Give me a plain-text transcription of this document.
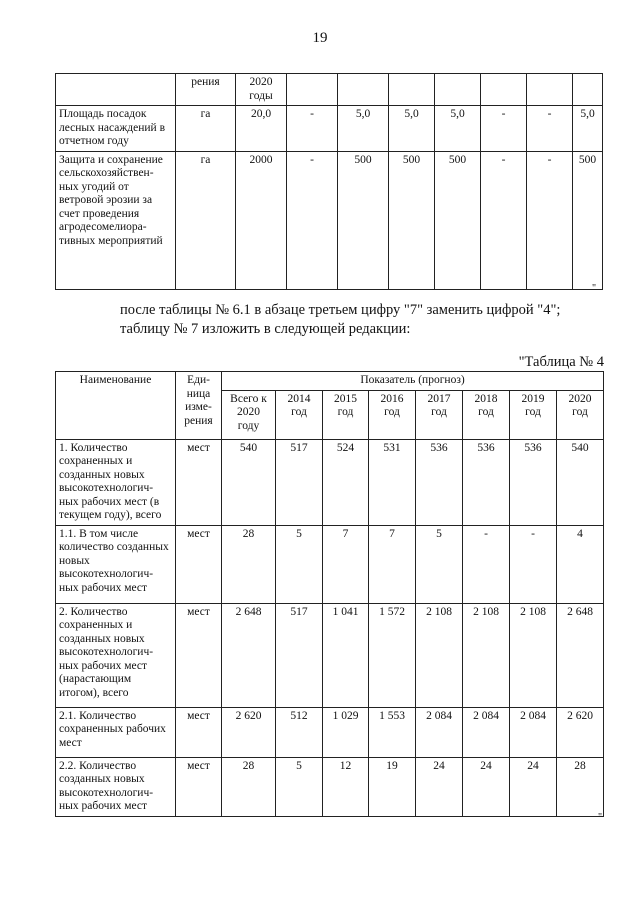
19
	рения	2020 годы							
Площадь посадок лесных насаждений в отчетном году	га	20,0	-	5,0	5,0	5,0	-	-	5,0
Защита и сохранение сельскохозяйствен-ных угодий от ветровой эрозии за счет проведения агродесомелиора-тивных мероприятий	га	2000	-	500	500	500	-	-	500
"
после таблицы № 6.1 в абзаце третьем цифру "7" заменить цифрой "4";
таблицу № 7 изложить в следующей редакции:
"Таблица № 4
Наименование	Еди-ница изме-рения	Показатель (прогноз)							
		Всего к 2020 году	2014 год	2015 год	2016 год	2017 год	2018 год	2019 год	2020 год
1. Количество сохраненных и созданных новых высокотехнологич-ных рабочих мест (в текущем году), всего	мест	540	517	524	531	536	536	536	540
1.1. В том числе количество созданных новых высокотехнологич-ных рабочих мест	мест	28	5	7	7	5	-	-	4
2. Количество сохраненных и созданных новых высокотехнологич-ных рабочих мест (нарастающим итогом), всего	мест	2 648	517	1 041	1 572	2 108	2 108	2 108	2 648
2.1. Количество сохраненных рабочих мест	мест	2 620	512	1 029	1 553	2 084	2 084	2 084	2 620
2.2. Количество созданных новых высокотехнологич-ных рабочих мест	мест	28	5	12	19	24	24	24	28
"
